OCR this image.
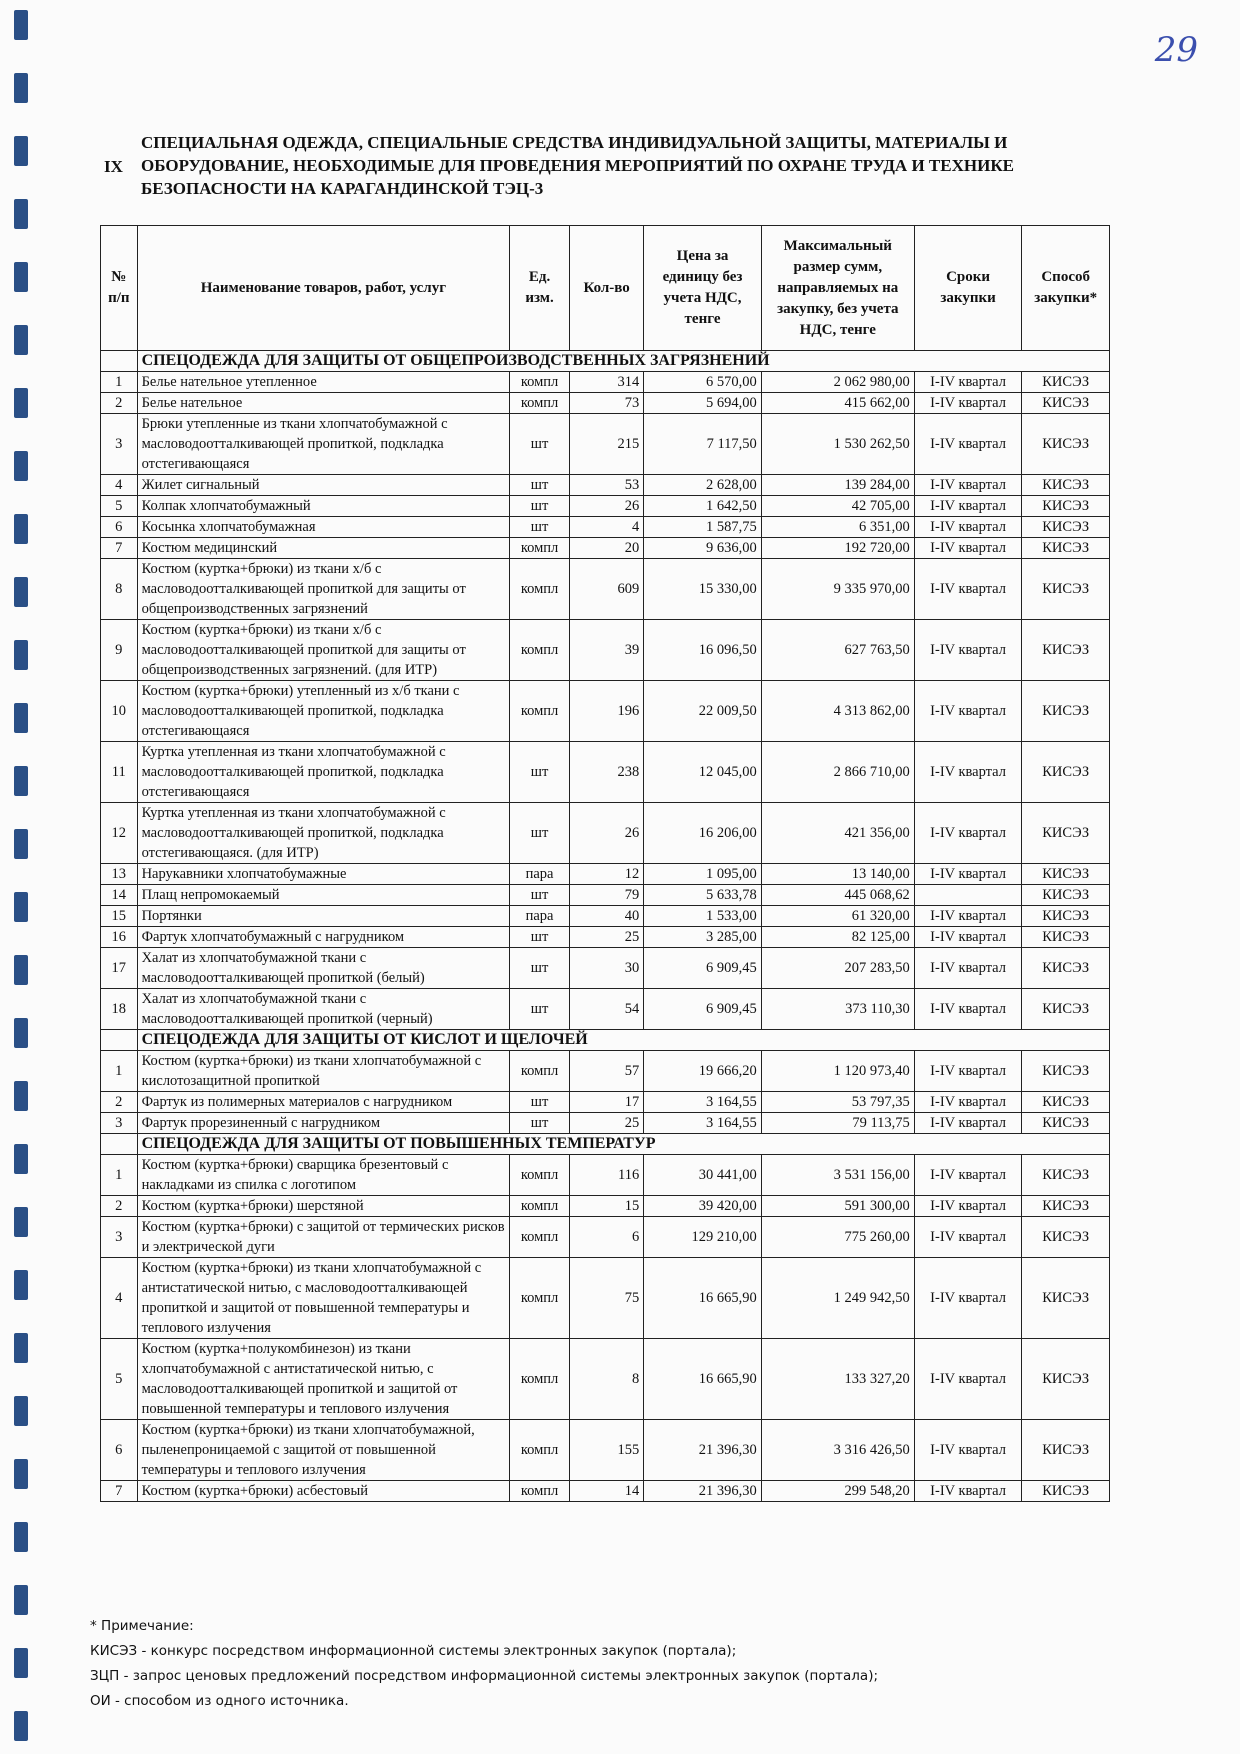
29
IX
СПЕЦИАЛЬНАЯ ОДЕЖДА, СПЕЦИАЛЬНЫЕ СРЕДСТВА ИНДИВИДУАЛЬНОЙ ЗАЩИТЫ, МАТЕРИАЛЫ И ОБОРУДОВАНИЕ, НЕОБХОДИМЫЕ ДЛЯ ПРОВЕДЕНИЯ МЕРОПРИЯТИЙ ПО ОХРАНЕ ТРУДА И ТЕХНИКЕ БЕЗОПАСНОСТИ НА КАРАГАНДИНСКОЙ ТЭЦ-3
№ п/п	Наименование товаров, работ, услуг	Ед. изм.	Кол-во	Цена за единицу без учета НДС, тенге	Максимальный размер сумм, направляемых на закупку, без учета НДС, тенге	Сроки закупки	Способ закупки*
	СПЕЦОДЕЖДА ДЛЯ ЗАЩИТЫ ОТ ОБЩЕПРОИЗВОДСТВЕННЫХ ЗАГРЯЗНЕНИЙ						
1	Белье нательное утепленное	компл	314	6 570,00	2 062 980,00	I-IV квартал	КИСЭЗ
2	Белье нательное	компл	73	5 694,00	415 662,00	I-IV квартал	КИСЭЗ
3	Брюки утепленные из ткани хлопчатобумажной с масловодоотталкивающей пропиткой, подкладка отстегивающаяся	шт	215	7 117,50	1 530 262,50	I-IV квартал	КИСЭЗ
4	Жилет сигнальный	шт	53	2 628,00	139 284,00	I-IV квартал	КИСЭЗ
5	Колпак хлопчатобумажный	шт	26	1 642,50	42 705,00	I-IV квартал	КИСЭЗ
6	Косынка хлопчатобумажная	шт	4	1 587,75	6 351,00	I-IV квартал	КИСЭЗ
7	Костюм медицинский	компл	20	9 636,00	192 720,00	I-IV квартал	КИСЭЗ
8	Костюм (куртка+брюки) из ткани х/б с масловодоотталкивающей пропиткой для защиты от общепроизводственных загрязнений	компл	609	15 330,00	9 335 970,00	I-IV квартал	КИСЭЗ
9	Костюм (куртка+брюки) из ткани х/б с масловодоотталкивающей пропиткой для защиты от общепроизводственных загрязнений. (для ИТР)	компл	39	16 096,50	627 763,50	I-IV квартал	КИСЭЗ
10	Костюм (куртка+брюки) утепленный из х/б ткани с масловодоотталкивающей пропиткой, подкладка отстегивающаяся	компл	196	22 009,50	4 313 862,00	I-IV квартал	КИСЭЗ
11	Куртка утепленная из ткани хлопчатобумажной с масловодоотталкивающей пропиткой, подкладка отстегивающаяся	шт	238	12 045,00	2 866 710,00	I-IV квартал	КИСЭЗ
12	Куртка утепленная из ткани хлопчатобумажной с масловодоотталкивающей пропиткой, подкладка отстегивающаяся. (для ИТР)	шт	26	16 206,00	421 356,00	I-IV квартал	КИСЭЗ
13	Нарукавники хлопчатобумажные	пара	12	1 095,00	13 140,00	I-IV квартал	КИСЭЗ
14	Плащ непромокаемый	шт	79	5 633,78	445 068,62		КИСЭЗ
15	Портянки	пара	40	1 533,00	61 320,00	I-IV квартал	КИСЭЗ
16	Фартук хлопчатобумажный с нагрудником	шт	25	3 285,00	82 125,00	I-IV квартал	КИСЭЗ
17	Халат из хлопчатобумажной ткани с масловодоотталкивающей пропиткой (белый)	шт	30	6 909,45	207 283,50	I-IV квартал	КИСЭЗ
18	Халат из хлопчатобумажной ткани с масловодоотталкивающей пропиткой (черный)	шт	54	6 909,45	373 110,30	I-IV квартал	КИСЭЗ
	СПЕЦОДЕЖДА ДЛЯ ЗАЩИТЫ ОТ КИСЛОТ И ЩЕЛОЧЕЙ						
1	Костюм (куртка+брюки) из ткани хлопчатобумажной с кислотозащитной пропиткой	компл	57	19 666,20	1 120 973,40	I-IV квартал	КИСЭЗ
2	Фартук из полимерных материалов с нагрудником	шт	17	3 164,55	53 797,35	I-IV квартал	КИСЭЗ
3	Фартук прорезиненный с нагрудником	шт	25	3 164,55	79 113,75	I-IV квартал	КИСЭЗ
	СПЕЦОДЕЖДА ДЛЯ ЗАЩИТЫ ОТ ПОВЫШЕННЫХ ТЕМПЕРАТУР						
1	Костюм (куртка+брюки) сварщика брезентовый с накладками из спилка с логотипом	компл	116	30 441,00	3 531 156,00	I-IV квартал	КИСЭЗ
2	Костюм (куртка+брюки) шерстяной	компл	15	39 420,00	591 300,00	I-IV квартал	КИСЭЗ
3	Костюм (куртка+брюки) с защитой от термических рисков и электрической дуги	компл	6	129 210,00	775 260,00	I-IV квартал	КИСЭЗ
4	Костюм (куртка+брюки) из ткани хлопчатобумажной с антистатической нитью, с масловодоотталкивающей пропиткой и защитой от повышенной температуры и теплового излучения	компл	75	16 665,90	1 249 942,50	I-IV квартал	КИСЭЗ
5	Костюм (куртка+полукомбинезон) из ткани хлопчатобумажной с антистатической нитью, с масловодоотталкивающей пропиткой и защитой от повышенной температуры и теплового излучения	компл	8	16 665,90	133 327,20	I-IV квартал	КИСЭЗ
6	Костюм (куртка+брюки) из ткани хлопчатобумажной, пыленепроницаемой с защитой от повышенной температуры и теплового излучения	компл	155	21 396,30	3 316 426,50	I-IV квартал	КИСЭЗ
7	Костюм (куртка+брюки) асбестовый	компл	14	21 396,30	299 548,20	I-IV квартал	КИСЭЗ
* Примечание:
КИСЭЗ - конкурс посредством информационной системы электронных закупок (портала);
ЗЦП - запрос ценовых предложений посредством информационной системы электронных закупок (портала);
ОИ - способом из одного источника.
